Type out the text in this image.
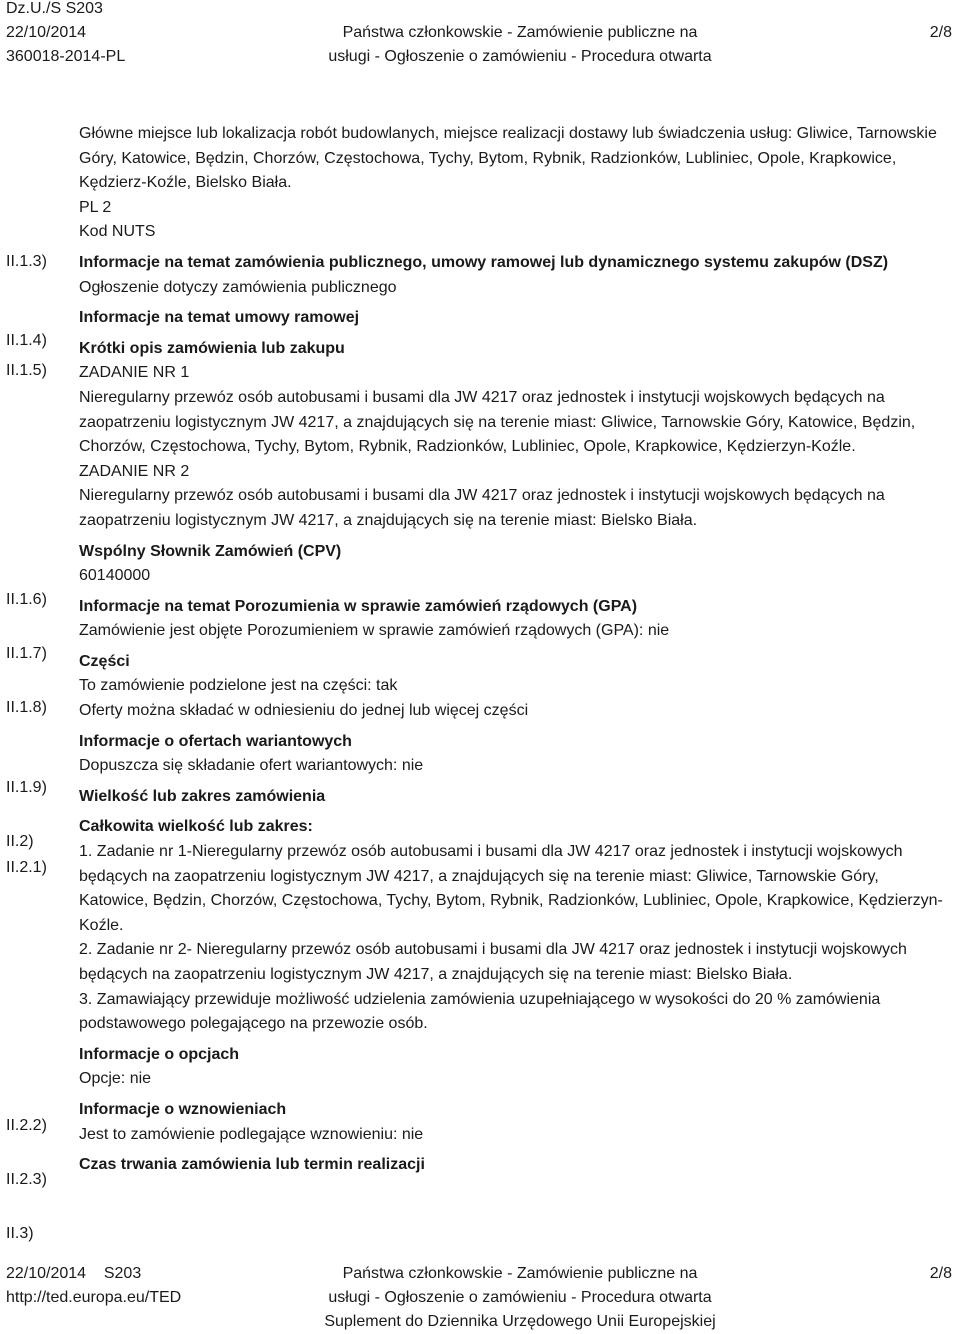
Dz.U./S S203
22/10/2014
360018-2014-PL

Państwa członkowskie - Zamówienie publiczne na
usługi - Ogłoszenie o zamówieniu - Procedura otwarta
2/8
II.1.3)
II.1.4)
II.1.5)
II.1.6)
II.1.7)
II.1.8)
II.1.9)
II.2)
II.2.1)
II.2.2)
II.2.3)
II.3)

Główne miejsce lub lokalizacja robót budowlanych, miejsce realizacji dostawy lub świadczenia usług: Gliwice, Tarnowskie Góry, Katowice, Będzin, Chorzów, Częstochowa, Tychy, Bytom, Rybnik, Radzionków, Lubliniec, Opole, Krapkowice, Kędzierz-Koźle, Bielsko Biała.

PL 2

Kod NUTS

Informacje na temat zamówienia publicznego, umowy ramowej lub dynamicznego systemu zakupów (DSZ)

Ogłoszenie dotyczy zamówienia publicznego

Informacje na temat umowy ramowej

Krótki opis zamówienia lub zakupu

ZADANIE NR 1

Nieregularny przewóz osób autobusami i busami dla JW 4217 oraz jednostek i instytucji wojskowych będących na zaopatrzeniu logistycznym JW 4217, a znajdujących się na terenie miast: Gliwice, Tarnowskie Góry, Katowice, Będzin, Chorzów, Częstochowa, Tychy, Bytom, Rybnik, Radzionków, Lubliniec, Opole, Krapkowice, Kędzierzyn-Koźle.

ZADANIE NR 2

Nieregularny przewóz osób autobusami i busami dla JW 4217 oraz jednostek i instytucji wojskowych będących na zaopatrzeniu logistycznym JW 4217, a znajdujących się na terenie miast: Bielsko Biała.

Wspólny Słownik Zamówień (CPV)

60140000

Informacje na temat Porozumienia w sprawie zamówień rządowych (GPA)

Zamówienie jest objęte Porozumieniem w sprawie zamówień rządowych (GPA): nie

Części

To zamówienie podzielone jest na części: tak

Oferty można składać w odniesieniu do jednej lub więcej części

Informacje o ofertach wariantowych

Dopuszcza się składanie ofert wariantowych: nie

Wielkość lub zakres zamówienia

Całkowita wielkość lub zakres:

1. Zadanie nr 1-Nieregularny przewóz osób autobusami i busami dla JW 4217 oraz jednostek i instytucji wojskowych będących na zaopatrzeniu logistycznym JW 4217, a znajdujących się na terenie miast: Gliwice, Tarnowskie Góry, Katowice, Będzin, Chorzów, Częstochowa, Tychy, Bytom, Rybnik, Radzionków, Lubliniec, Opole, Krapkowice, Kędzierzyn-Koźle.

2. Zadanie nr 2- Nieregularny przewóz osób autobusami i busami dla JW 4217 oraz jednostek i instytucji wojskowych będących na zaopatrzeniu logistycznym JW 4217, a znajdujących się na terenie miast: Bielsko Biała.

3. Zamawiający przewiduje możliwość udzielenia zamówienia uzupełniającego w wysokości do 20 % zamówienia podstawowego polegającego na przewozie osób.

Informacje o opcjach

Opcje: nie

Informacje o wznowieniach

Jest to zamówienie podlegające wznowieniu: nie

Czas trwania zamówienia lub termin realizacji

22/10/2014 S203
http://ted.europa.eu/TED
Państwa członkowskie - Zamówienie publiczne na
usługi - Ogłoszenie o zamówieniu - Procedura otwarta
Suplement do Dziennika Urzędowego Unii Europejskiej
2/8
